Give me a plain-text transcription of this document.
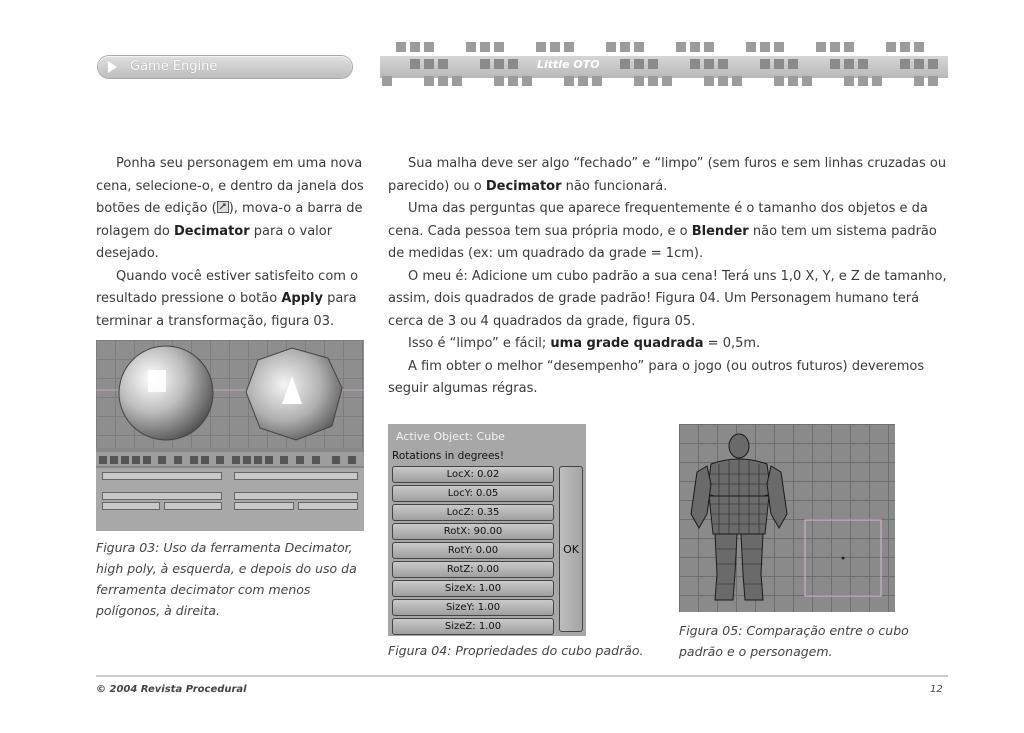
Game Engine	Little OTO

Ponha seu personagem em uma nova cena, selecione-o, e dentro da janela dos botões de edição ( ), mova-o a barra de rolagem do Decimator para o valor desejado.

Quando você estiver satisfeito com o resultado pressione o botão Apply para terminar a transformação, figura 03.

Sua malha deve ser algo “fechado” e “limpo” (sem furos e sem linhas cruzadas ou parecido) ou o Decimator não funcionará.

Uma das perguntas que aparece frequentemente é o tamanho dos objetos e da cena. Cada pessoa tem sua própria modo, e o Blender não tem um sistema padrão de medidas (ex: um quadrado da grade = 1cm).

O meu é: Adicione um cubo padrão a sua cena! Terá uns 1,0 X, Y, e Z de tamanho, assim, dois quadrados de grade padrão! Figura 04. Um Personagem humano terá cerca de 3 ou 4 quadrados da grade, figura 05.

Isso é “limpo” e fácil; uma grade quadrada = 0,5m.

A fim obter o melhor “desempenho” para o jogo (ou outros futuros) deveremos seguir algumas régras.

Figura 03: Uso da ferramenta Decimator, high poly, à esquerda, e depois do uso da ferramenta decimator com menos polígonos, à direita.
Active Object: Cube
Rotations in degrees!
LocX: 0.02
LocY: 0.05
LocZ: 0.35
RotX: 90.00
RotY: 0.00
RotZ: 0.00
SizeX: 1.00
SizeY: 1.00
SizeZ: 1.00
OK
Figura 04: Propriedades do cubo padrão.
Figura 05: Comparação entre o cubo padrão e o personagem.
© 2004 Revista Procedural	12
